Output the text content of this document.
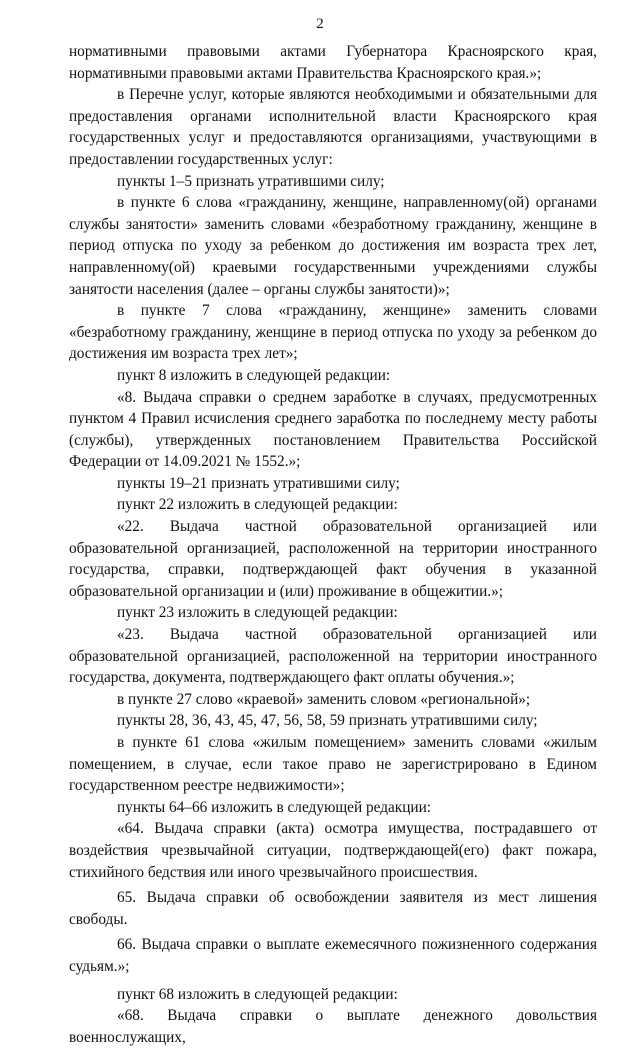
2

нормативными правовыми актами Губернатора Красноярского края, нормативными правовыми актами Правительства Красноярского края.»;

в Перечне услуг, которые являются необходимыми и обязательными для предоставления органами исполнительной власти Красноярского края государственных услуг и предоставляются организациями, участвующими в предоставлении государственных услуг:

пункты 1–5 признать утратившими силу;

в пункте 6 слова «гражданину, женщине, направленному(ой) органами службы занятости» заменить словами «безработному гражданину, женщине в период отпуска по уходу за ребенком до достижения им возраста трех лет, направленному(ой) краевыми государственными учреждениями службы занятости населения (далее – органы службы занятости)»;

в пункте 7 слова «гражданину, женщине» заменить словами «безработному гражданину, женщине в период отпуска по уходу за ребенком до достижения им возраста трех лет»;

пункт 8 изложить в следующей редакции:

«8. Выдача справки о среднем заработке в случаях, предусмотренных пунктом 4 Правил исчисления среднего заработка по последнему месту работы (службы), утвержденных постановлением Правительства Российской Федерации от 14.09.2021 № 1552.»;

пункты 19–21 признать утратившими силу;

пункт 22 изложить в следующей редакции:

«22. Выдача частной образовательной организацией или образовательной организацией, расположенной на территории иностранного государства, справки, подтверждающей факт обучения в указанной образовательной организации и (или) проживание в общежитии.»;

пункт 23 изложить в следующей редакции:

«23. Выдача частной образовательной организацией или образовательной организацией, расположенной на территории иностранного государства, документа, подтверждающего факт оплаты обучения.»;

в пункте 27 слово «краевой» заменить словом «региональной»;

пункты 28, 36, 43, 45, 47, 56, 58, 59 признать утратившими силу;

в пункте 61 слова «жилым помещением» заменить словами «жилым помещением, в случае, если такое право не зарегистрировано в Едином государственном реестре недвижимости»;

пункты 64–66 изложить в следующей редакции:

«64. Выдача справки (акта) осмотра имущества, пострадавшего от воздействия чрезвычайной ситуации, подтверждающей(его) факт пожара, стихийного бедствия или иного чрезвычайного происшествия.

65. Выдача справки об освобождении заявителя из мест лишения свободы.

66. Выдача справки о выплате ежемесячного пожизненного содержания судьям.»;

пункт 68 изложить в следующей редакции:

«68. Выдача справки о выплате денежного довольствия военнослужащих,
